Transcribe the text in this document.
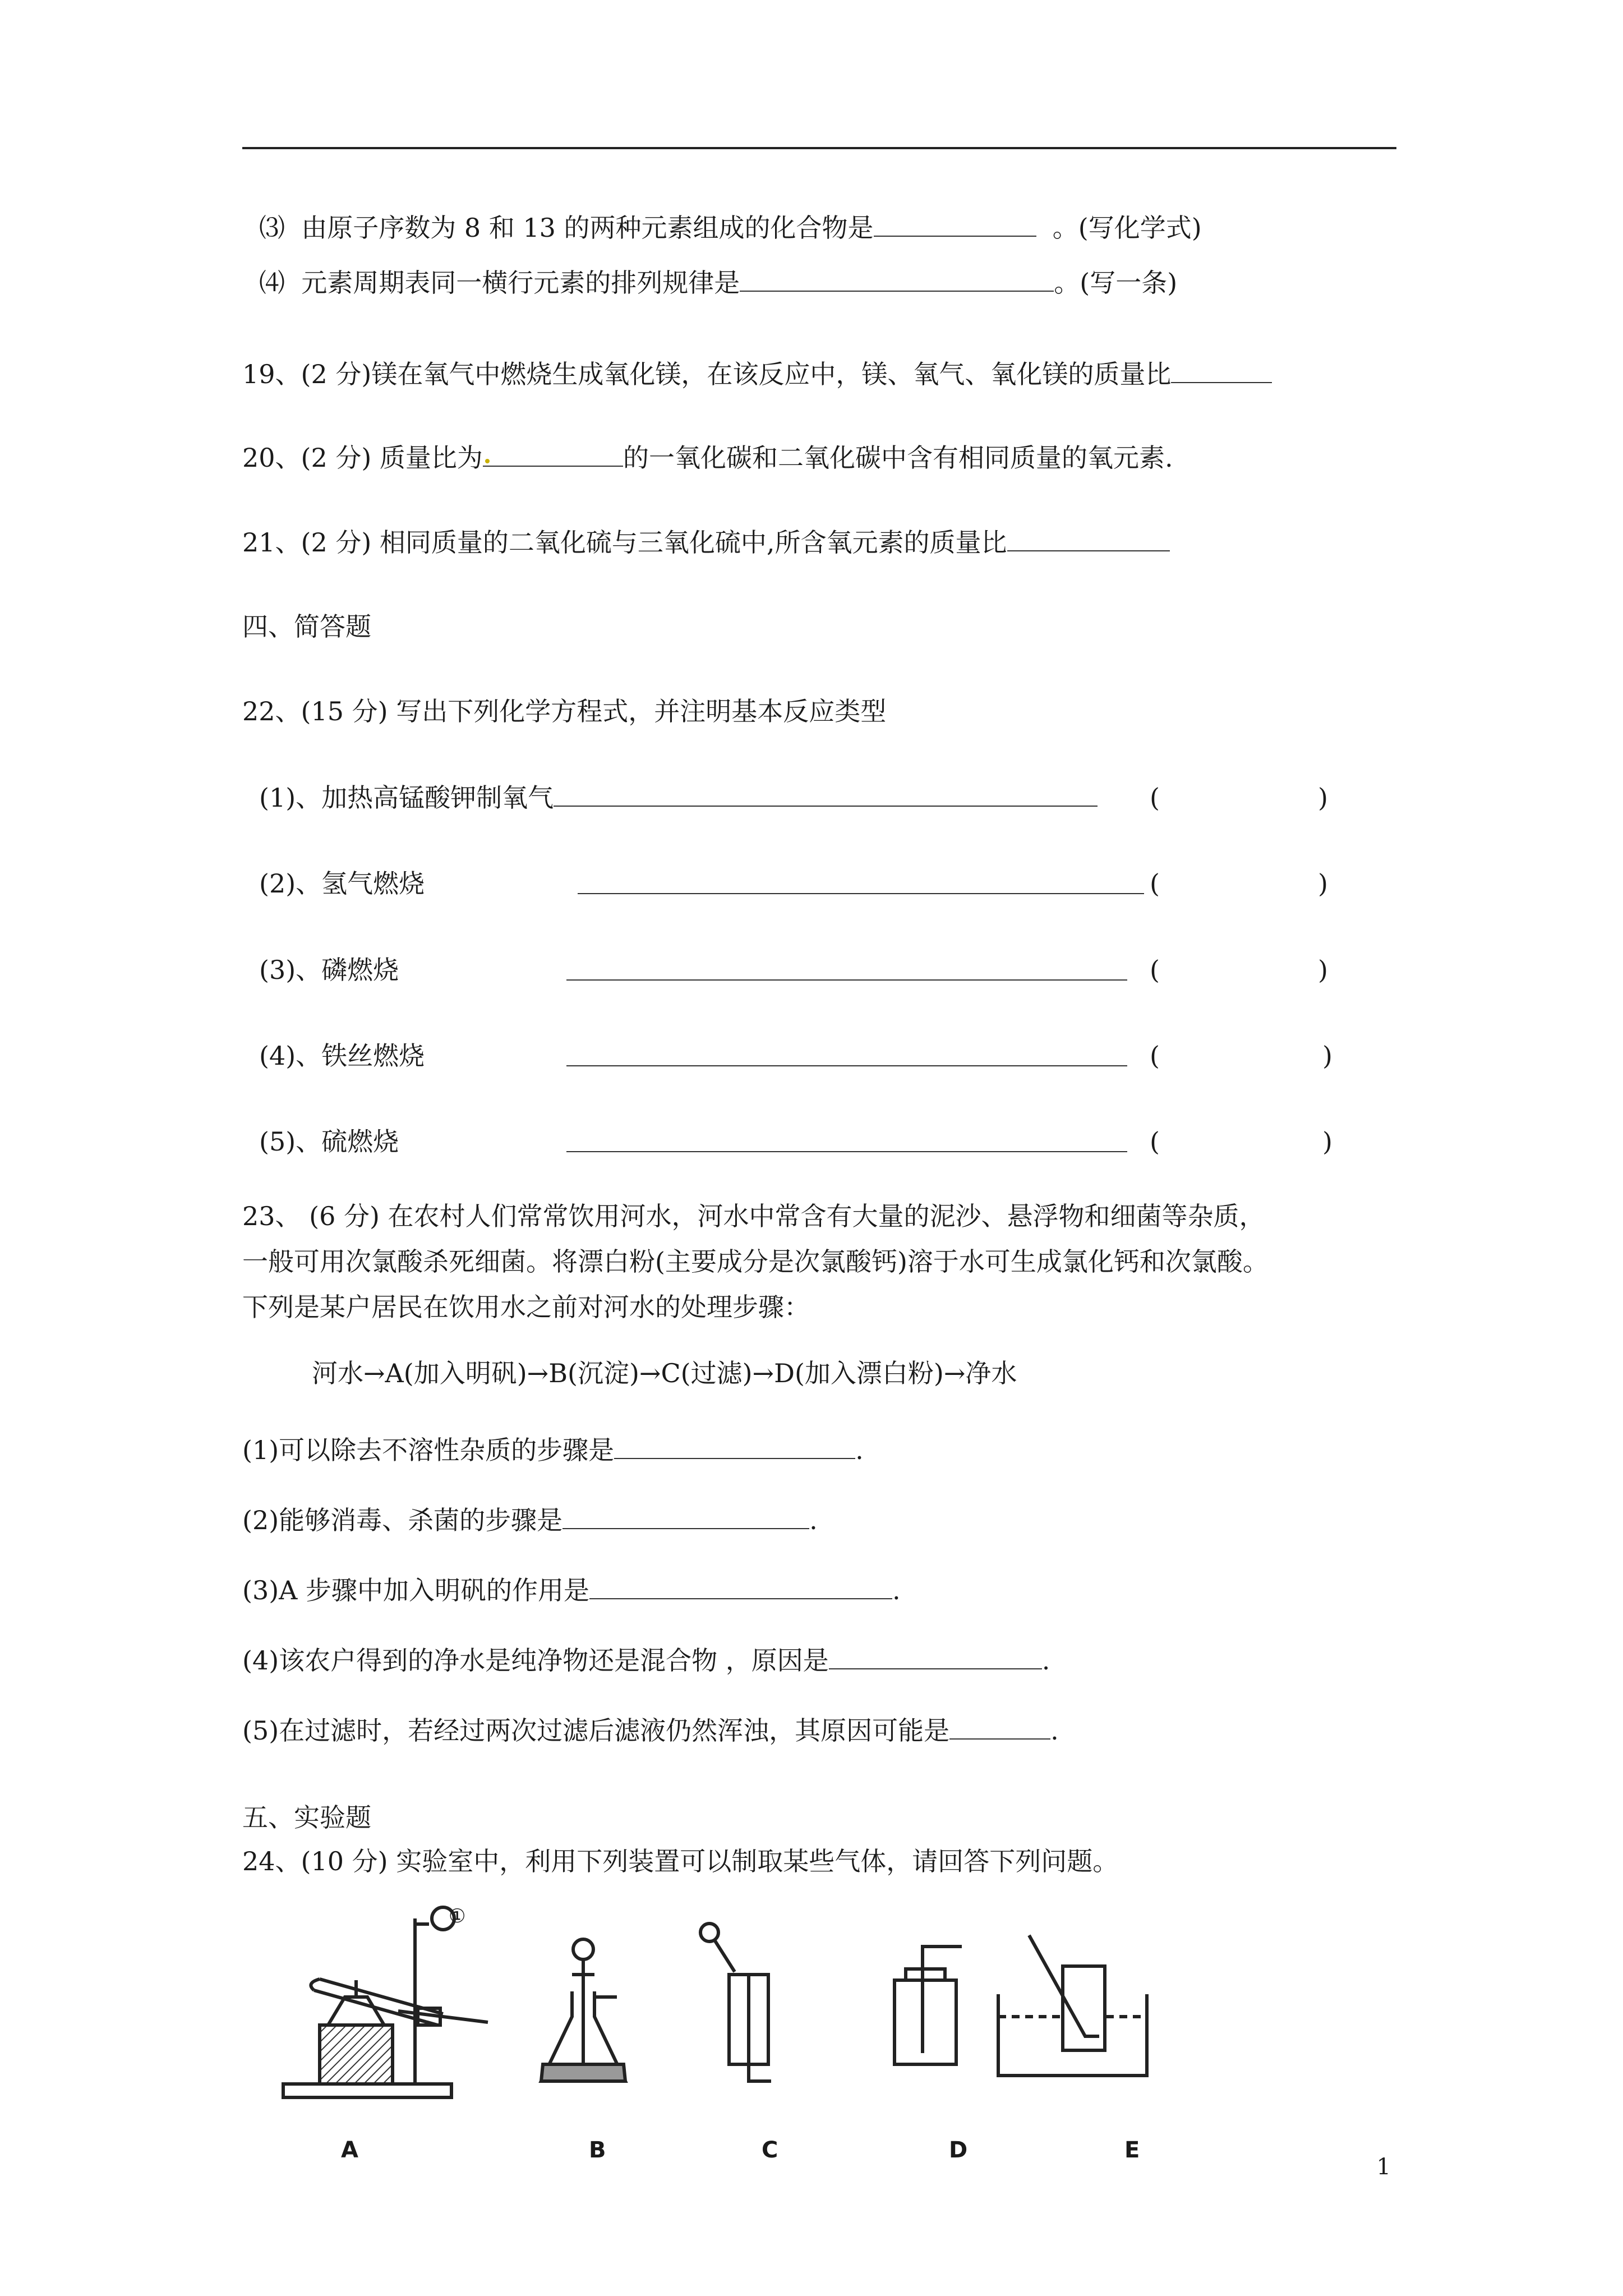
⑶  由原子序数为 8 和 13 的两种元素组成的化合物是	。(写化学式)
⑷  元素周期表同一横行元素的排列规律是	。(写一条)
19、(2 分)镁在氧气中燃烧生成氧化镁，在该反应中，镁、氧气、氧化镁的质量比
20、(2 分) 质量比为	的一氧化碳和二氧化碳中含有相同质量的氧元素.
21、(2 分) 相同质量的二氧化硫与三氧化硫中,所含氧元素的质量比
四、简答题
22、(15 分) 写出下列化学方程式，并注明基本反应类型
(1)、加热高锰酸钾制氧气	(	)
(2)、氢气燃烧	(	)
(3)、磷燃烧	(	)
(4)、铁丝燃烧	(	)
(5)、硫燃烧	(	)
23、 (6 分) 在农村人们常常饮用河水，河水中常含有大量的泥沙、悬浮物和细菌等杂质，
一般可用次氯酸杀死细菌。将漂白粉(主要成分是次氯酸钙)溶于水可生成氯化钙和次氯酸。
下列是某户居民在饮用水之前对河水的处理步骤：
河水→A(加入明矾)→B(沉淀)→C(过滤)→D(加入漂白粉)→净水
(1)可以除去不溶性杂质的步骤是	.
(2)能够消毒、杀菌的步骤是	.
(3)A 步骤中加入明矾的作用是	.
(4)该农户得到的净水是纯净物还是混合物 ，原因是	.
(5)在过滤时，若经过两次过滤后滤液仍然浑浊，其原因可能是	.
五、实验题
24、(10 分) 实验室中，利用下列装置可以制取某些气体，请回答下列问题。
①
A	B	C	D	E
1
